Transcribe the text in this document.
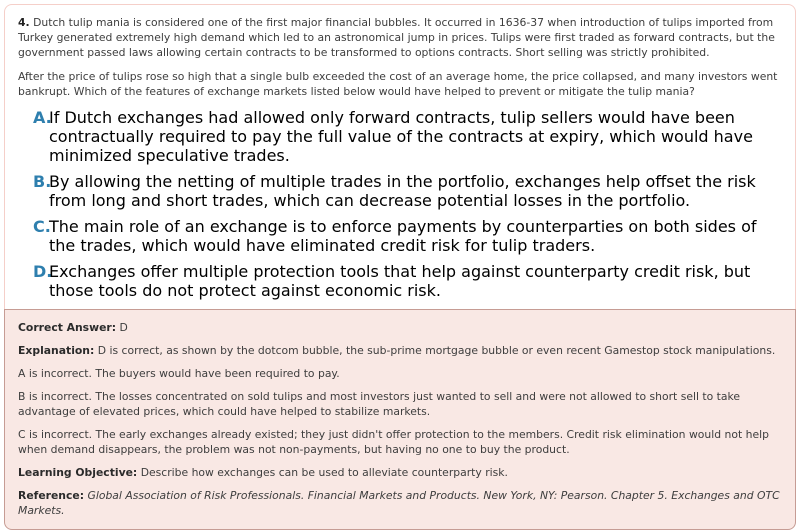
4. Dutch tulip mania is considered one of the first major financial bubbles. It occurred in 1636-37 when introduction of tulips imported from Turkey generated extremely high demand which led to an astronomical jump in prices. Tulips were first traded as forward contracts, but the government passed laws allowing certain contracts to be transformed to options contracts. Short selling was strictly prohibited.

After the price of tulips rose so high that a single bulb exceeded the cost of an average home, the price collapsed, and many investors went bankrupt. Which of the features of exchange markets listed below would have helped to prevent or mitigate the tulip mania?

A.
If Dutch exchanges had allowed only forward contracts, tulip sellers would have been contractually required to pay the full value of the contracts at expiry, which would have minimized speculative trades.
B.
By allowing the netting of multiple trades in the portfolio, exchanges help offset the risk from long and short trades, which can decrease potential losses in the portfolio.
C.
The main role of an exchange is to enforce payments by counterparties on both sides of the trades, which would have eliminated credit risk for tulip traders.
D.
Exchanges offer multiple protection tools that help against counterparty credit risk, but those tools do not protect against economic risk.

Correct Answer: D

Explanation: D is correct, as shown by the dotcom bubble, the sub-prime mortgage bubble or even recent Gamestop stock manipulations.

A is incorrect. The buyers would have been required to pay.

B is incorrect. The losses concentrated on sold tulips and most investors just wanted to sell and were not allowed to short sell to take advantage of elevated prices, which could have helped to stabilize markets.

C is incorrect. The early exchanges already existed; they just didn't offer protection to the members. Credit risk elimination would not help when demand disappears, the problem was not non-payments, but having no one to buy the product.

Learning Objective: Describe how exchanges can be used to alleviate counterparty risk.

Reference: Global Association of Risk Professionals. Financial Markets and Products. New York, NY: Pearson. Chapter 5. Exchanges and OTC Markets.
